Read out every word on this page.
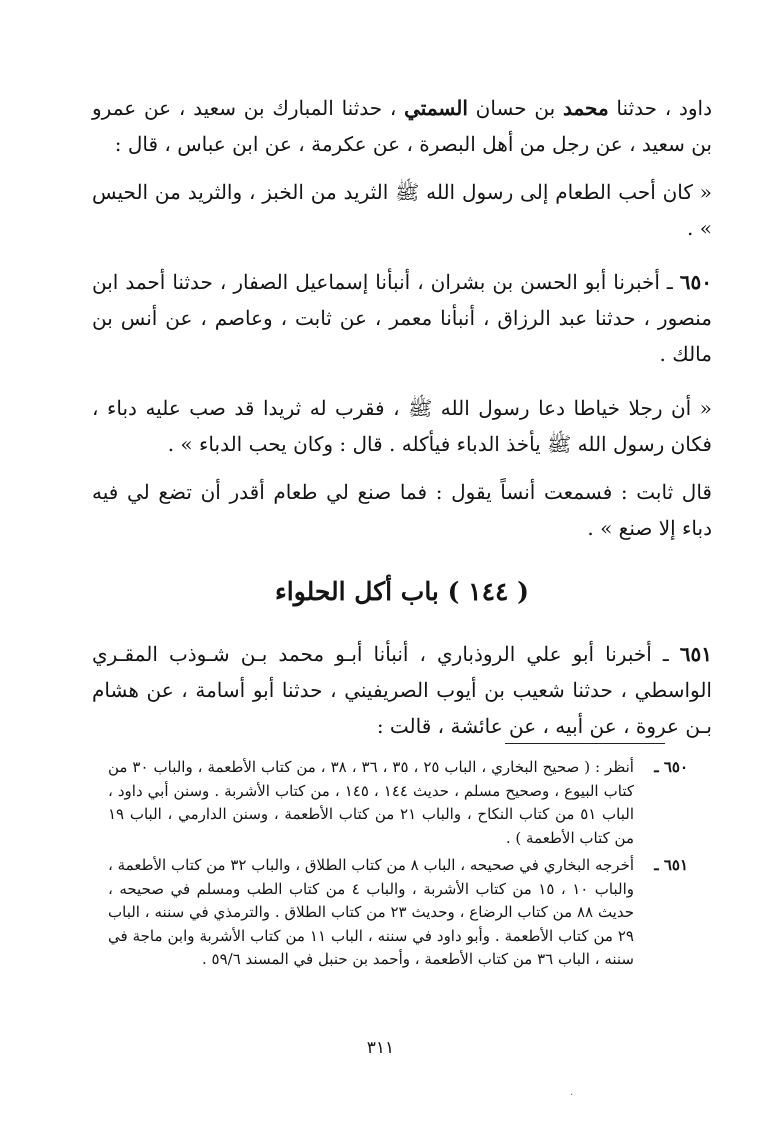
داود ، حدثنا محمد بن حسان السمتي ، حدثنا المبارك بن سعيد ، عن عمرو بن سعيد ، عن رجل من أهل البصرة ، عن عكرمة ، عن ابن عباس ، قال :

« كان أحب الطعام إلى رسول الله ﷺ الثريد من الخبز ، والثريد من الحيس » .

٦٥٠ ـ أخبرنا أبو الحسن بن بشران ، أنبأنا إسماعيل الصفار ، حدثنا أحمد ابن منصور ، حدثنا عبد الرزاق ، أنبأنا معمر ، عن ثابت ، وعاصم ، عن أنس بن مالك .

« أن رجلا خياطا دعا رسول الله ﷺ ، فقرب له ثريدا قد صب عليه دباء ، فكان رسول الله ﷺ يأخذ الدباء فيأكله . قال : وكان يحب الدباء » .

قال ثابت : فسمعت أنساً يقول : فما صنع لي طعام أقدر أن تضع لي فيه دباء إلا صنع » .

( ١٤٤ ) باب أكل الحلواء

٦٥١ ـ أخبرنا أبو علي الروذباري ، أنبأنا أبـو محمد بـن شـوذب المقـري الواسطي ، حدثنا شعيب بن أيوب الصريفيني ، حدثنا أبو أسامة ، عن هشام بـن عروة ، عن أبيه ، عن عائشة ، قالت :

٦٥٠ ـ
أنظر : ( صحيح البخاري ، الباب ٢٥ ، ٣٥ ، ٣٦ ، ٣٨ ، من كتاب الأطعمة ، والباب ٣٠ من كتاب البيوع ، وصحيح مسلم ، حديث ١٤٤ ، ١٤٥ ، من كتاب الأشربة . وسنن أبي داود ، الباب ٥١ من كتاب النكاح ، والباب ٢١ من كتاب الأطعمة ، وسنن الدارمي ، الباب ١٩ من كتاب الأطعمة ) .
٦٥١ ـ
أخرجه البخاري في صحيحه ، الباب ٨ من كتاب الطلاق ، والباب ٣٢ من كتاب الأطعمة ، والباب ١٠ ، ١٥ من كتاب الأشربة ، والباب ٤ من كتاب الطب ومسلم في صحيحه ، حديث ٨٨ من كتاب الرضاع ، وحديث ٢٣ من كتاب الطلاق . والترمذي في سننه ، الباب ٢٩ من كتاب الأطعمة . وأبو داود في سننه ، الباب ١١ من كتاب الأشربة وابن ماجة في سننه ، الباب ٣٦ من كتاب الأطعمة ، وأحمد بن حنبل في المسند ٥٩/٦ .
٣١١
·
